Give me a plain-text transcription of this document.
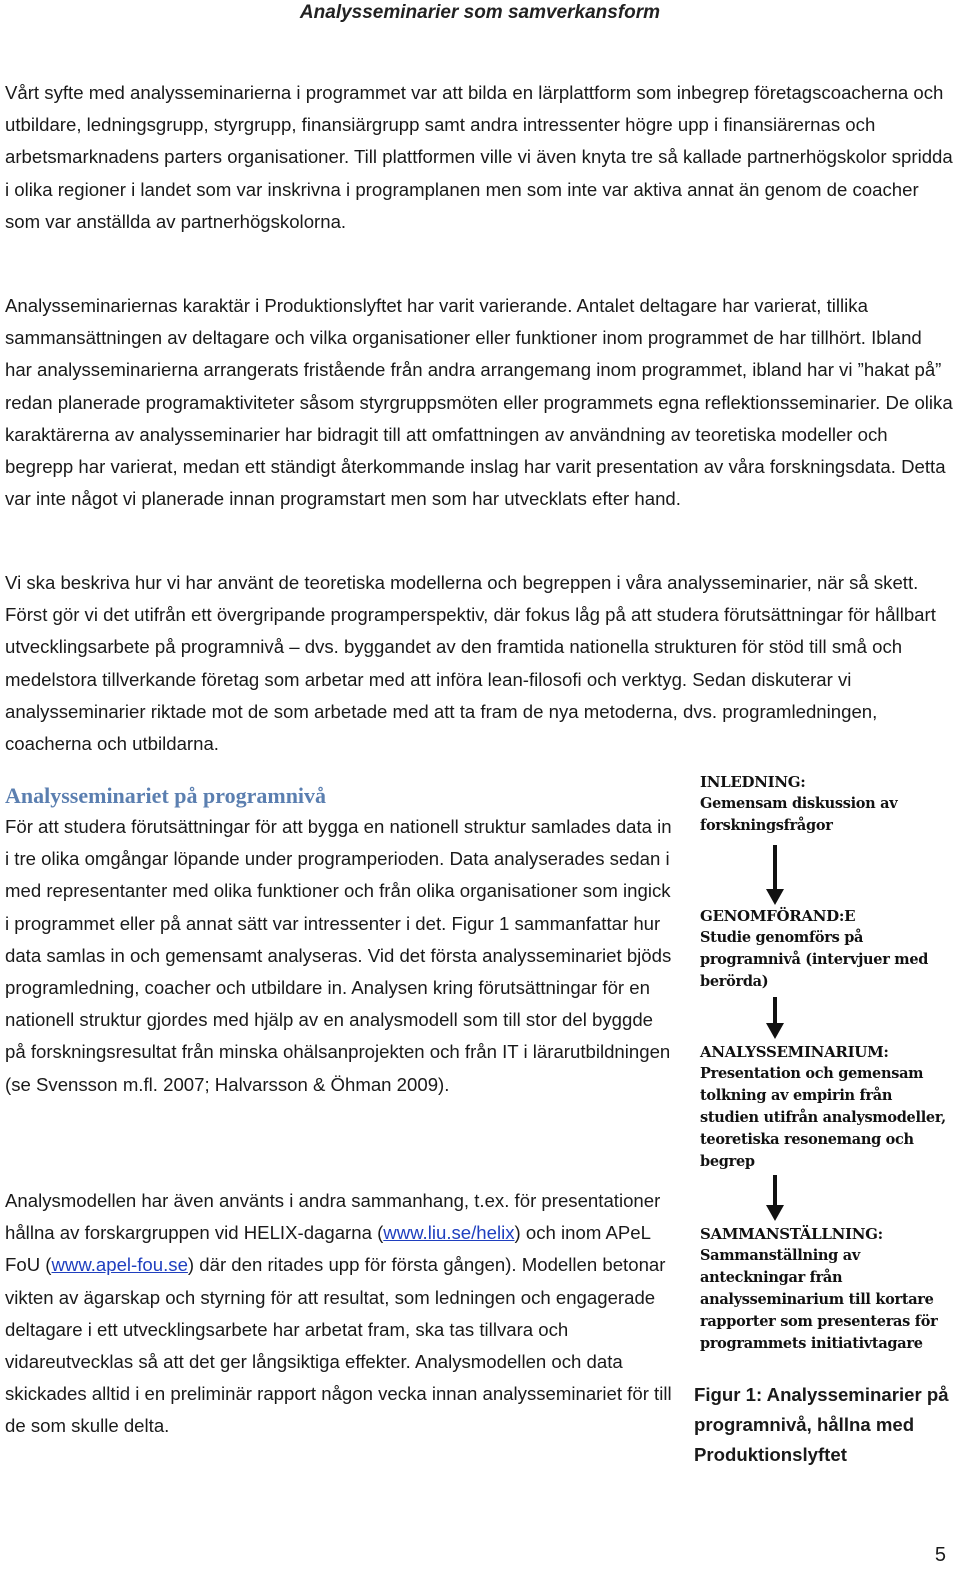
Analysseminarier som samverkansform

Vårt syfte med analysseminarierna i programmet var att bilda en lärplattform som inbegrep företagscoacherna och utbildare, ledningsgrupp, styrgrupp, finansiärgrupp samt andra intressenter högre upp i finansiärernas och arbetsmarknadens parters organisationer. Till plattformen ville vi även knyta tre så kallade partnerhögskolor spridda i olika regioner i landet som var inskrivna i programplanen men som inte var aktiva annat än genom de coacher som var anställda av partnerhögskolorna.

Analysseminariernas karaktär i Produktionslyftet har varit varierande. Antalet deltagare har varierat, tillika sammansättningen av deltagare och vilka organisationer eller funktioner inom programmet de har tillhört. Ibland har analysseminarierna arrangerats fristående från andra arrangemang inom programmet, ibland har vi ”hakat på” redan planerade programaktiviteter såsom styrgruppsmöten eller programmets egna reflektionsseminarier. De olika karaktärerna av analysseminarier har bidragit till att omfattningen av användning av teoretiska modeller och begrepp har varierat, medan ett ständigt återkommande inslag har varit presentation av våra forskningsdata. Detta var inte något vi planerade innan programstart men som har utvecklats efter hand.

Vi ska beskriva hur vi har använt de teoretiska modellerna och begreppen i våra analysseminarier, när så skett. Först gör vi det utifrån ett övergripande programperspektiv, där fokus låg på att studera förutsättningar för hållbart utvecklingsarbete på programnivå – dvs. byggandet av den framtida nationella strukturen för stöd till små och medelstora tillverkande företag som arbetar med att införa lean-filosofi och verktyg. Sedan diskuterar vi analysseminarier riktade mot de som arbetade med att ta fram de nya metoderna, dvs. programledningen, coacherna och utbildarna.

Analysseminariet på programnivå

För att studera förutsättningar för att bygga en nationell struktur samlades data in i tre olika omgångar löpande under programperioden. Data analyserades sedan i med representanter med olika funktioner och från olika organisationer som ingick i programmet eller på annat sätt var intressenter i det. Figur 1 sammanfattar hur data samlas in och gemensamt analyseras. Vid det första analysseminariet bjöds programledning, coacher och utbildare in. Analysen kring förutsättningar för en nationell struktur gjordes med hjälp av en analysmodell som till stor del byggde på forskningsresultat från minska ohälsanprojekten och från IT i lärarutbildningen (se Svensson m.fl. 2007; Halvarsson & Öhman 2009).

Analysmodellen har även använts i andra sammanhang, t.ex. för presentationer hållna av forskargruppen vid HELIX-dagarna (www.liu.se/helix) och inom APeL FoU (www.apel-fou.se) där den ritades upp för första gången). Modellen betonar vikten av ägarskap och styrning för att resultat, som ledningen och engagerade deltagare i ett utvecklingsarbete har arbetat fram, ska tas tillvara och vidareutvecklas så att det ger långsiktiga effekter. Analysmodellen och data skickades alltid i en preliminär rapport någon vecka innan analysseminariet för till de som skulle delta.

INLEDNING:
Gemensam diskussion av forskningsfrågor
GENOMFÖRAND:E
Studie genomförs på programnivå (intervjuer med berörda)
ANALYSSEMINARIUM:
Presentation och gemensam tolkning av empirin från studien utifrån analysmodeller, teoretiska resonemang och begrep
SAMMANSTÄLLNING:
Sammanställning av anteckningar från analysseminarium till kortare rapporter som presenteras för programmets initiativtagare

Figur 1: Analysseminarier på programnivå, hållna med Produktionslyftet

5
